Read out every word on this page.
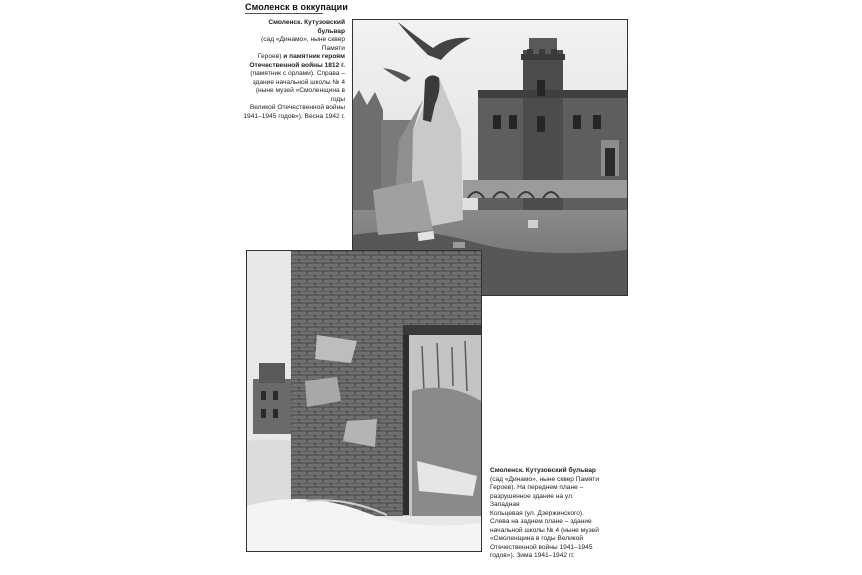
Смоленск в оккупации
Смоленск. Кутузовский бульвар
(сад «Динамо», ныне сквер Памяти
Героев) и памятник героям
Отечественной войны 1812 г.
(памятник с орлами). Справа –
здание начальной школы № 4
(ныне музей «Смоленщина в годы
Великой Отечественной войны
1941–1945 годов»). Весна 1942 г.
Смоленск. Кутузовский бульвар
(сад «Динамо», ныне сквер Памяти
Героев). На переднем плане –
разрушенное здание на ул. Западная
Кольцевая (ул. Дзержинского).
Слева на заднем плане – здание
начальной школы № 4 (ныне музей
«Смоленщина в годы Великой
Отечественной войны 1941–1945
годов»). Зима 1941–1942 гг.
